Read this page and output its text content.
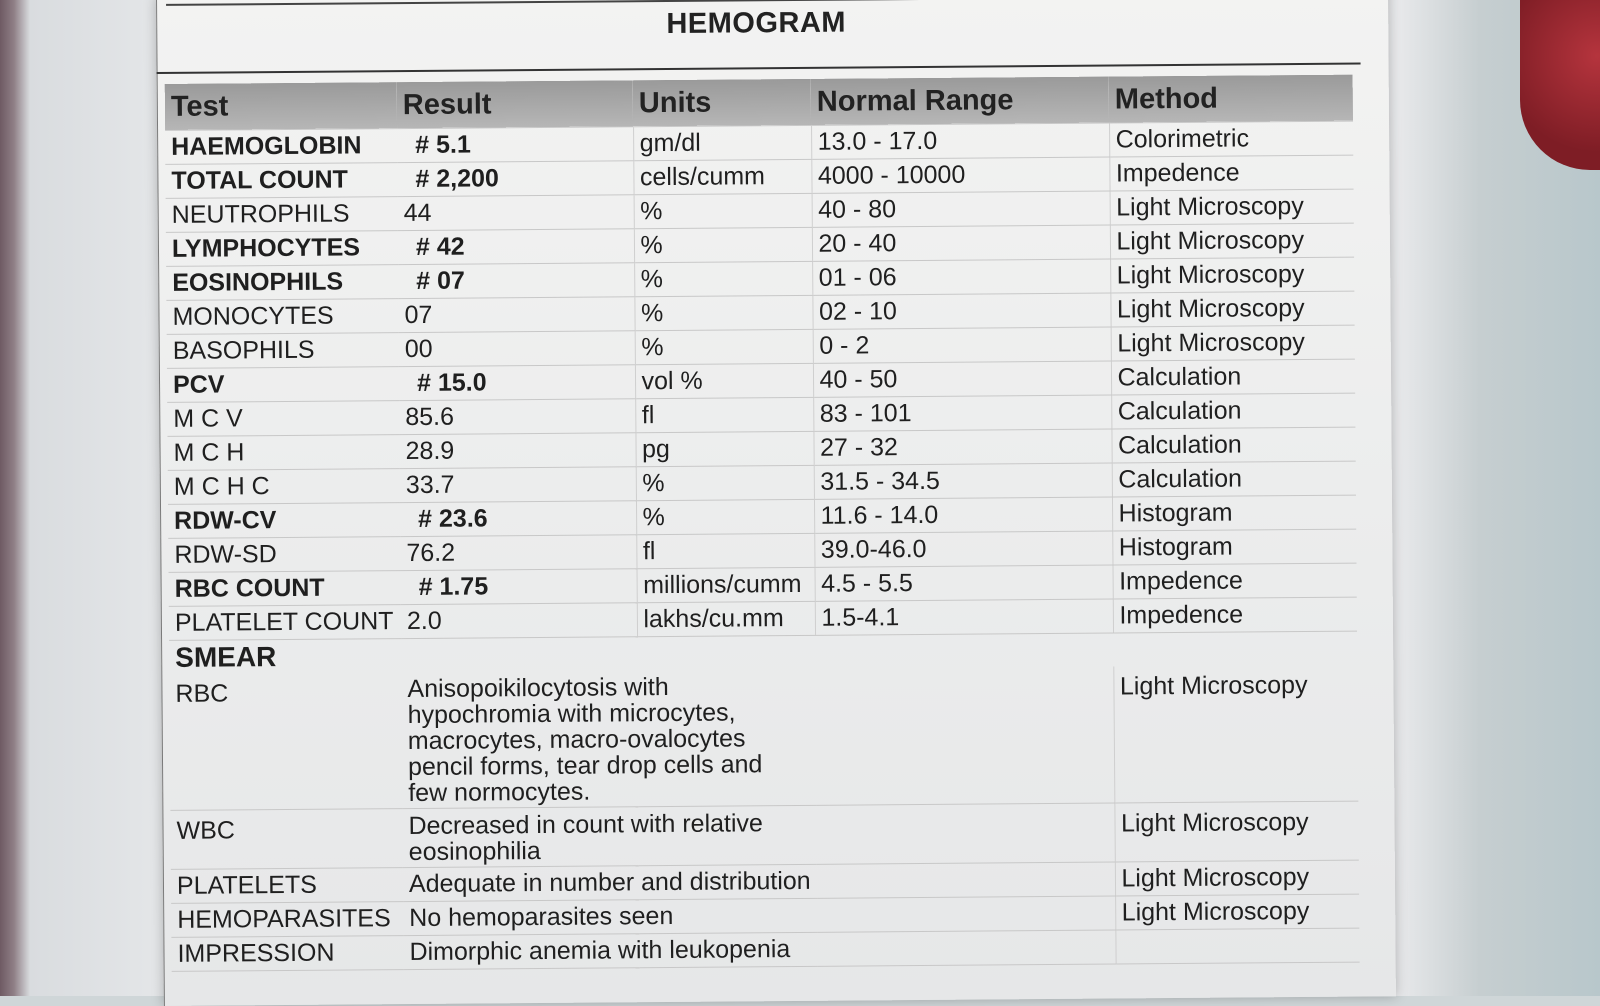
HEMOGRAM
Test	Result	Units	Normal Range	Method
HAEMOGLOBIN	# 5.1	gm/dl	13.0 - 17.0	Colorimetric
TOTAL COUNT	# 2,200	cells/cumm	4000 - 10000	Impedence
NEUTROPHILS	44	%	40 - 80	Light Microscopy
LYMPHOCYTES	# 42	%	20 - 40	Light Microscopy
EOSINOPHILS	# 07	%	01 - 06	Light Microscopy
MONOCYTES	07	%	02 - 10	Light Microscopy
BASOPHILS	00	%	0 - 2	Light Microscopy
PCV	# 15.0	vol %	40 - 50	Calculation
M C V	85.6	fl	83 - 101	Calculation
M C H	28.9	pg	27 - 32	Calculation
M C H C	33.7	%	31.5 - 34.5	Calculation
RDW-CV	# 23.6	%	11.6 - 14.0	Histogram
RDW-SD	76.2	fl	39.0-46.0	Histogram
RBC COUNT	# 1.75	millions/cumm	4.5 - 5.5	Impedence
PLATELET COUNT	2.0	lakhs/cu.mm	1.5-4.1	Impedence
SMEAR				
RBC	Anisopoikilocytosis with hypochromia with microcytes, macrocytes, macro-ovalocytes pencil forms, tear drop cells and few normocytes.			Light Microscopy
WBC	Decreased in count with relative eosinophilia			Light Microscopy
PLATELETS	Adequate in number and distribution			Light Microscopy
HEMOPARASITES	No hemoparasites seen			Light Microscopy
IMPRESSION	Dimorphic anemia with leukopenia			
